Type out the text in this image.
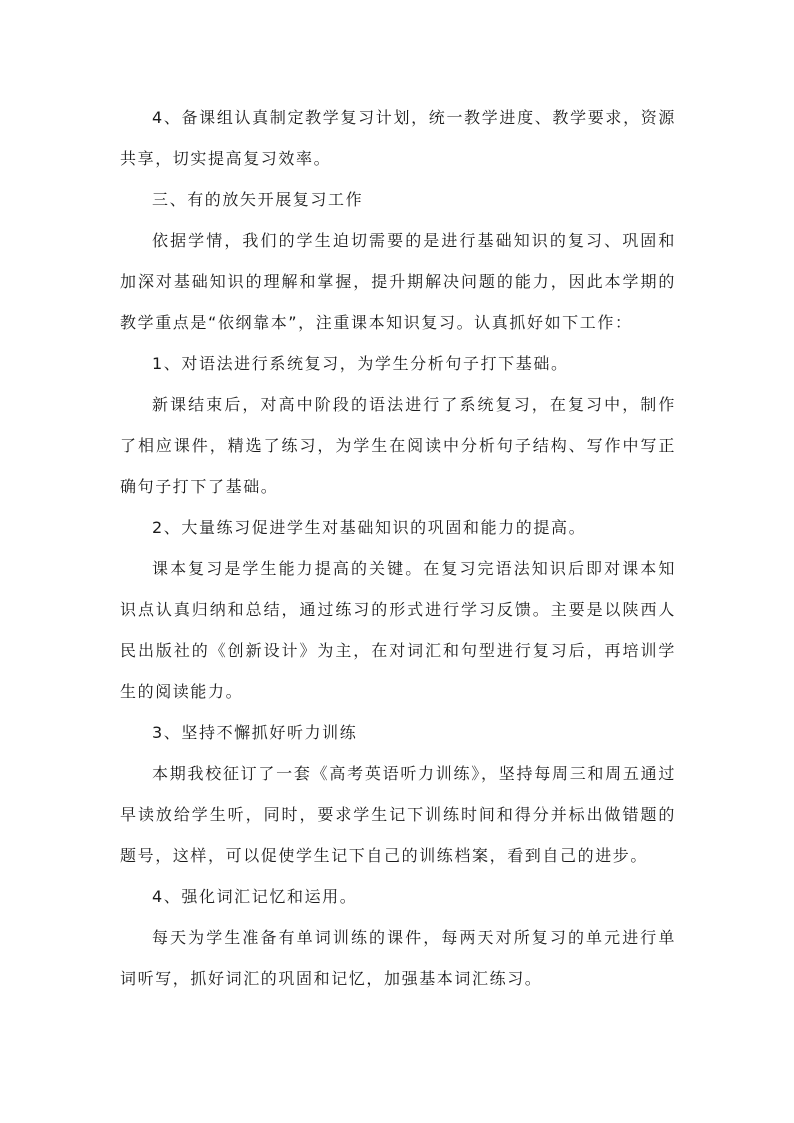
4、备课组认真制定教学复习计划，统一教学进度、教学要求，资源共享，切实提高复习效率。

三、有的放矢开展复习工作

依据学情，我们的学生迫切需要的是进行基础知识的复习、巩固和加深对基础知识的理解和掌握，提升期解决问题的能力，因此本学期的教学重点是“依纲靠本”，注重课本知识复习。认真抓好如下工作：

1、对语法进行系统复习，为学生分析句子打下基础。

新课结束后，对高中阶段的语法进行了系统复习，在复习中，制作了相应课件，精选了练习，为学生在阅读中分析句子结构、写作中写正确句子打下了基础。

2、大量练习促进学生对基础知识的巩固和能力的提高。

课本复习是学生能力提高的关键。在复习完语法知识后即对课本知识点认真归纳和总结，通过练习的形式进行学习反馈。主要是以陕西人民出版社的《创新设计》为主，在对词汇和句型进行复习后，再培训学生的阅读能力。

3、坚持不懈抓好听力训练

本期我校征订了一套《高考英语听力训练》，坚持每周三和周五通过早读放给学生听，同时，要求学生记下训练时间和得分并标出做错题的题号，这样，可以促使学生记下自己的训练档案，看到自己的进步。

4、强化词汇记忆和运用。

每天为学生准备有单词训练的课件，每两天对所复习的单元进行单词听写，抓好词汇的巩固和记忆，加强基本词汇练习。
